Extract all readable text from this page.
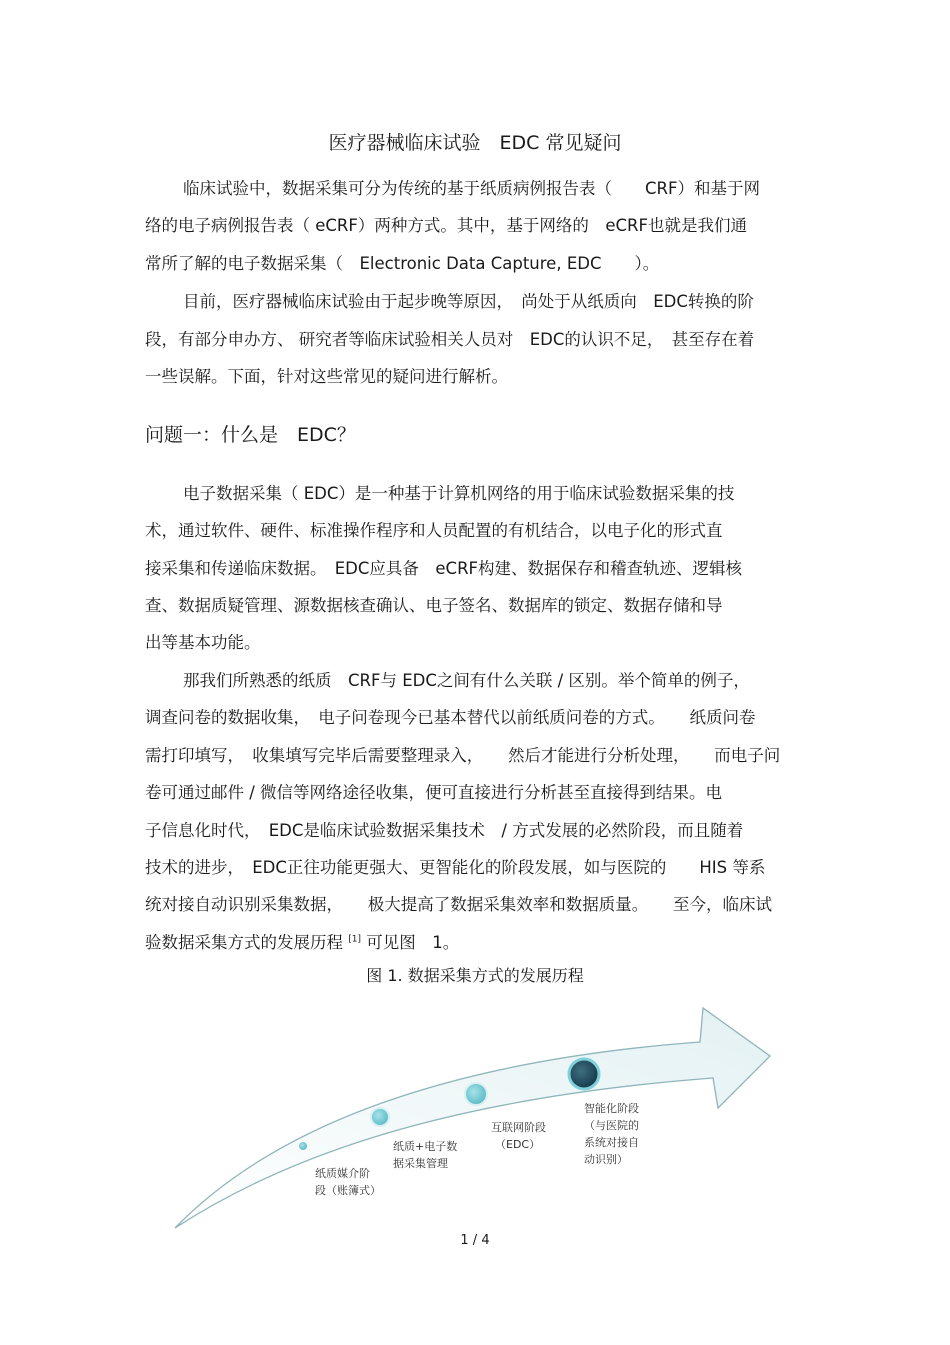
医疗器械临床试验　EDC 常见疑问
临床试验中，数据采集可分为传统的基于纸质病例报告表（　　CRF）和基于网
络的电子病例报告表（ eCRF）两种方式。其中，基于网络的　eCRF也就是我们通
常所了解的电子数据采集（　Electronic Data Capture, EDC　　）。
目前，医疗器械临床试验由于起步晚等原因，　尚处于从纸质向　EDC转换的阶
段，有部分申办方、 研究者等临床试验相关人员对　EDC的认识不足，　甚至存在着
一些误解。下面，针对这些常见的疑问进行解析。
问题一：什么是　EDC？
电子数据采集（ EDC）是一种基于计算机网络的用于临床试验数据采集的技
术，通过软件、硬件、标准操作程序和人员配置的有机结合，以电子化的形式直
接采集和传递临床数据。　EDC应具备　eCRF构建、数据保存和稽查轨迹、逻辑核
查、数据质疑管理、源数据核查确认、电子签名、数据库的锁定、数据存储和导
出等基本功能。
那我们所熟悉的纸质　CRF与 EDC之间有什么关联 / 区别。举个简单的例子，
调查问卷的数据收集，　电子问卷现今已基本替代以前纸质问卷的方式。　　纸质问卷
需打印填写，　收集填写完毕后需要整理录入，　　然后才能进行分析处理，　　而电子问
卷可通过邮件 / 微信等网络途径收集，便可直接进行分析甚至直接得到结果。电
子信息化时代，　EDC是临床试验数据采集技术　/ 方式发展的必然阶段，而且随着
技术的进步，　EDC正往功能更强大、更智能化的阶段发展，如与医院的　　HIS 等系
统对接自动识别采集数据，　　极大提高了数据采集效率和数据质量。　　至今，临床试
验数据采集方式的发展历程 [1] 可见图　1。
图 1. 数据采集方式的发展历程
纸质媒介阶
段（账簿式）
纸质+电子数
据采集管理
互联网阶段
（EDC）
智能化阶段
（与医院的
系统对接自
动识别）
1 / 4
